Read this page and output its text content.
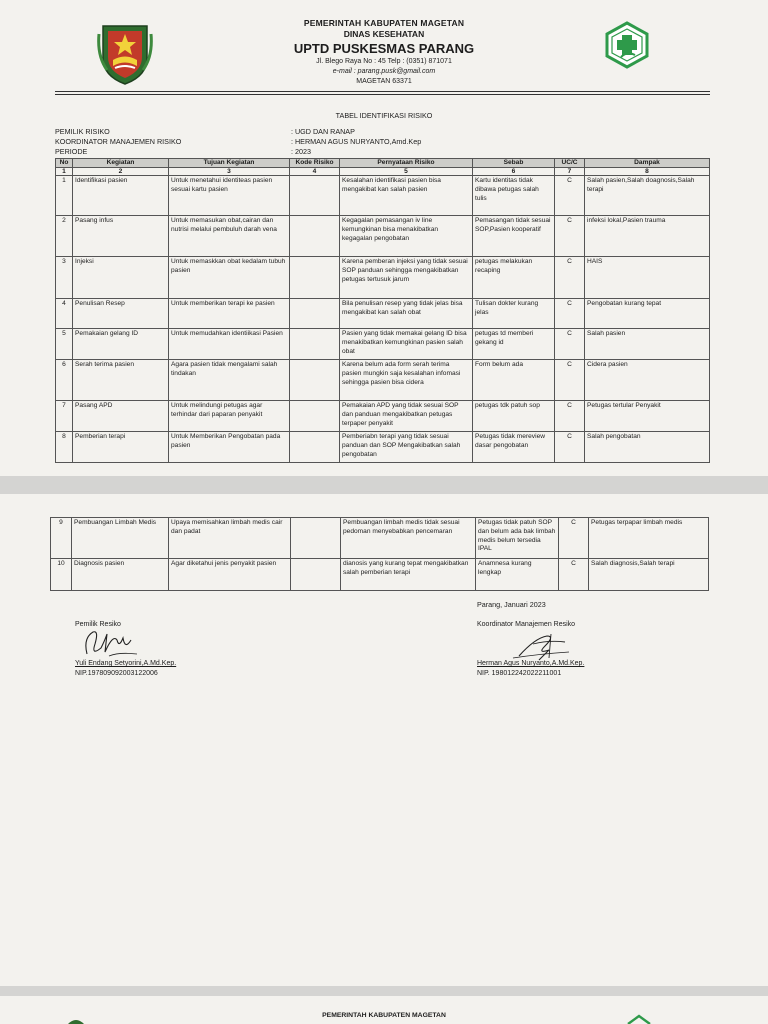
PEMERINTAH KABUPATEN MAGETAN
DINAS KESEHATAN
UPTD PUSKESMAS PARANG
Jl. Blego Raya No : 45 Telp : (0351) 871071
e-mail : parang.pusk@gmail.com
MAGETAN 63371
TABEL IDENTIFIKASI RISIKO
PEMILIK RISIKO	: UGD DAN RANAP
KOORDINATOR MANAJEMEN RISIKO	: HERMAN AGUS NURYANTO,Amd.Kep
PERIODE	: 2023
No	Kegiatan	Tujuan Kegiatan	Kode Risiko	Pernyataan Risiko	Sebab	UC/C	Dampak
1	2	3	4	5	6	7	8
1	Identifikasi pasien	Untuk menetahui identiteas pasien sesuai kartu pasien		Kesalahan identifikasi pasien bisa mengakibat kan salah pasien	Kartu identitas tidak dibawa petugas salah tulis	C	Salah pasien,Salah doagnosis,Salah terapi
2	Pasang infus	Untuk memasukan obat,cairan dan nutrisi melalui pembuluh darah vena		Kegagalan pemasangan iv line kemungkinan bisa menakibatkan kegagalan pengobatan	Pemasangan tidak sesuai SOP,Pasien kooperatif	C	infeksi lokal,Pasien trauma
3	Injeksi	Untuk memaskkan obat kedalam tubuh pasien		Karena pemberan injeksi yang tidak sesuai SOP panduan sehingga mengakibatkan petugas tertusuk jarum	petugas melakukan recaping	C	HAIS
4	Penulisan Resep	Untuk memberikan terapi ke pasien		Bila penulisan resep yang tidak jelas bisa mengakibat kan salah obat	Tulisan dokter kurang jelas	C	Pengobatan kurang tepat
5	Pemakaian gelang ID	Untuk memudahkan identiikasi Pasien		Pasien yang tidak memakai gelang ID bisa menakibatkan kemungkinan pasien salah obat	petugas td memberi gekang id	C	Salah pasien
6	Serah terima pasien	Agara pasien tidak mengalami salah tindakan		Karena belum ada form serah terima pasien mungkin saja kesalahan infomasi sehingga pasien bisa cidera	Form belum ada	C	Cidera pasien
7	Pasang APD	Untuk melindungi petugas agar terhindar dari paparan penyakit		Pemakaian APD yang tidak sesuai SOP dan panduan mengakibatkan petugas terpaper penyakit	petugas tdk patuh sop	C	Petugas tertular Penyakit
8	Pemberian terapi	Untuk Memberikan Pengobatan pada pasien		Pemberiabn terapi yang tidak sesuai panduan dan SOP Mengakibatkan salah pengobatan	Petugas tidak mereview dasar pengobatan	C	Salah pengobatan
9	Pembuangan Limbah Medis	Upaya memisahkan limbah medis cair dan padat		Pembuangan limbah medis tidak sesuai pedoman menyebabkan pencemaran	Petugas tidak patuh SOP dan belum ada bak limbah medis belum tersedia IPAL	C	Petugas terpapar limbah medis
10	Diagnosis pasien	Agar diketahui jenis penyakit pasien		dianosis yang kurang tepat mengakibatkan salah pemberian terapi	Anamnesa kurang lengkap	C	Salah diagnosis,Salah terapi
Parang, Januari 2023
Pemilik Resiko
Yuli Endang Setyorini,A.Md.Kep.
NIP.197809092003122006
Koordinator Manajemen Resiko
Herman Agus Nuryanto,A.Md.Kep.
NIP. 198012242022211001
PEMERINTAH KABUPATEN MAGETAN
